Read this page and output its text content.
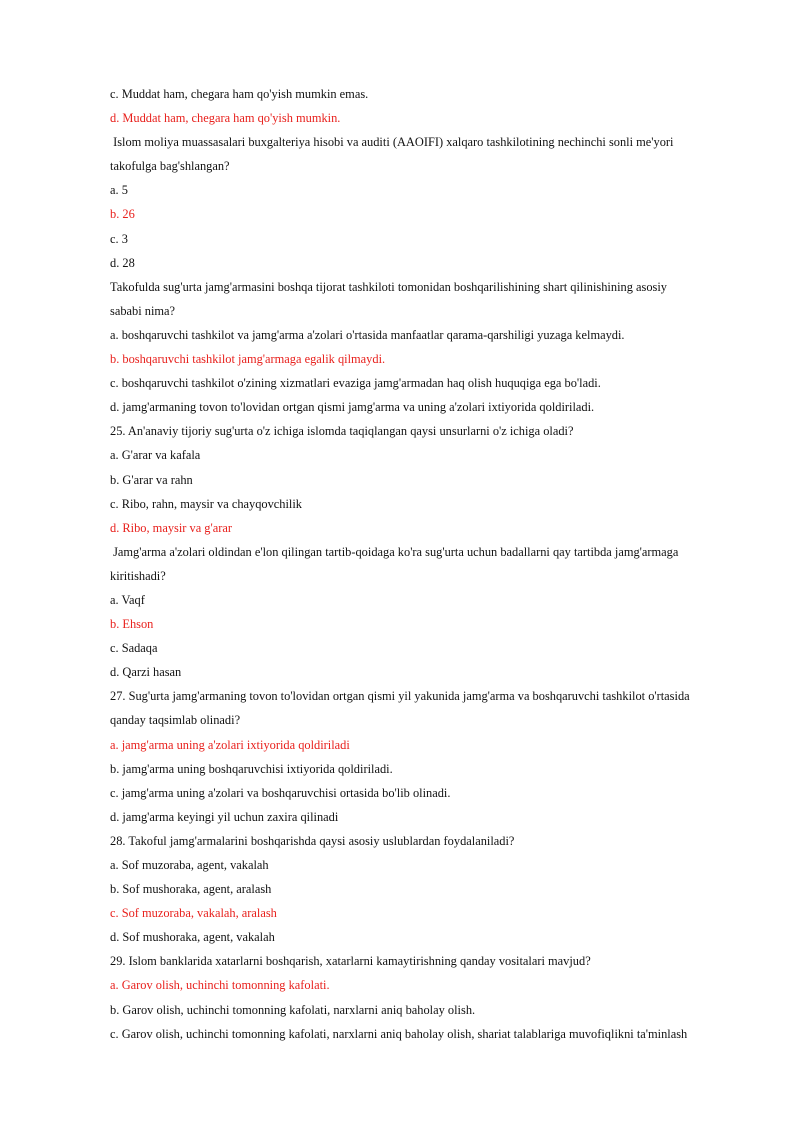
c. Muddat ham, chegara ham qo'yish mumkin emas.
d. Muddat ham, chegara ham qo'yish mumkin.
Islom moliya muassasalari buxgalteriya hisobi va auditi (AAOIFI) xalqaro tashkilotining nechinchi sonli me'yori
takofulga bag'shlangan?
a. 5
b. 26
c. 3
d. 28
Takofulda sug'urta jamg'armasini boshqa tijorat tashkiloti tomonidan boshqarilishining shart qilinishining asosiy
sababi nima?
a. boshqaruvchi tashkilot va jamg'arma a'zolari o'rtasida manfaatlar qarama-qarshiligi yuzaga kelmaydi.
b. boshqaruvchi tashkilot jamg'armaga egalik qilmaydi.
c. boshqaruvchi tashkilot o'zining xizmatlari evaziga jamg'armadan haq olish huquqiga ega bo'ladi.
d. jamg'armaning tovon to'lovidan ortgan qismi jamg'arma va uning a'zolari ixtiyorida qoldiriladi.
25. An'anaviy tijoriy sug'urta o'z ichiga islomda taqiqlangan qaysi unsurlarni o'z ichiga oladi?
a. G'arar va kafala
b. G'arar va rahn
c. Ribo, rahn, maysir va chayqovchilik
d. Ribo, maysir va g'arar
Jamg'arma a'zolari oldindan e'lon qilingan tartib-qoidaga ko'ra sug'urta uchun badallarni qay tartibda jamg'armaga
kiritishadi?
a. Vaqf
b. Ehson
c. Sadaqa
d. Qarzi hasan
27. Sug'urta jamg'armaning tovon to'lovidan ortgan qismi yil yakunida jamg'arma va boshqaruvchi tashkilot o'rtasida
qanday taqsimlab olinadi?
a. jamg'arma uning a'zolari ixtiyorida qoldiriladi
b. jamg'arma uning boshqaruvchisi ixtiyorida qoldiriladi.
c. jamg'arma uning a'zolari va boshqaruvchisi ortasida bo'lib olinadi.
d. jamg'arma keyingi yil uchun zaxira qilinadi
28. Takoful jamg'armalarini boshqarishda qaysi asosiy uslublardan foydalaniladi?
a. Sof muzoraba, agent, vakalah
b. Sof mushoraka, agent, aralash
c. Sof muzoraba, vakalah, aralash
d. Sof mushoraka, agent, vakalah
29. Islom banklarida xatarlarni boshqarish, xatarlarni kamaytirishning qanday vositalari mavjud?
a. Garov olish, uchinchi tomonning kafolati.
b. Garov olish, uchinchi tomonning kafolati, narxlarni aniq baholay olish.
c. Garov olish, uchinchi tomonning kafolati, narxlarni aniq baholay olish, shariat talablariga muvofiqlikni ta'minlash
